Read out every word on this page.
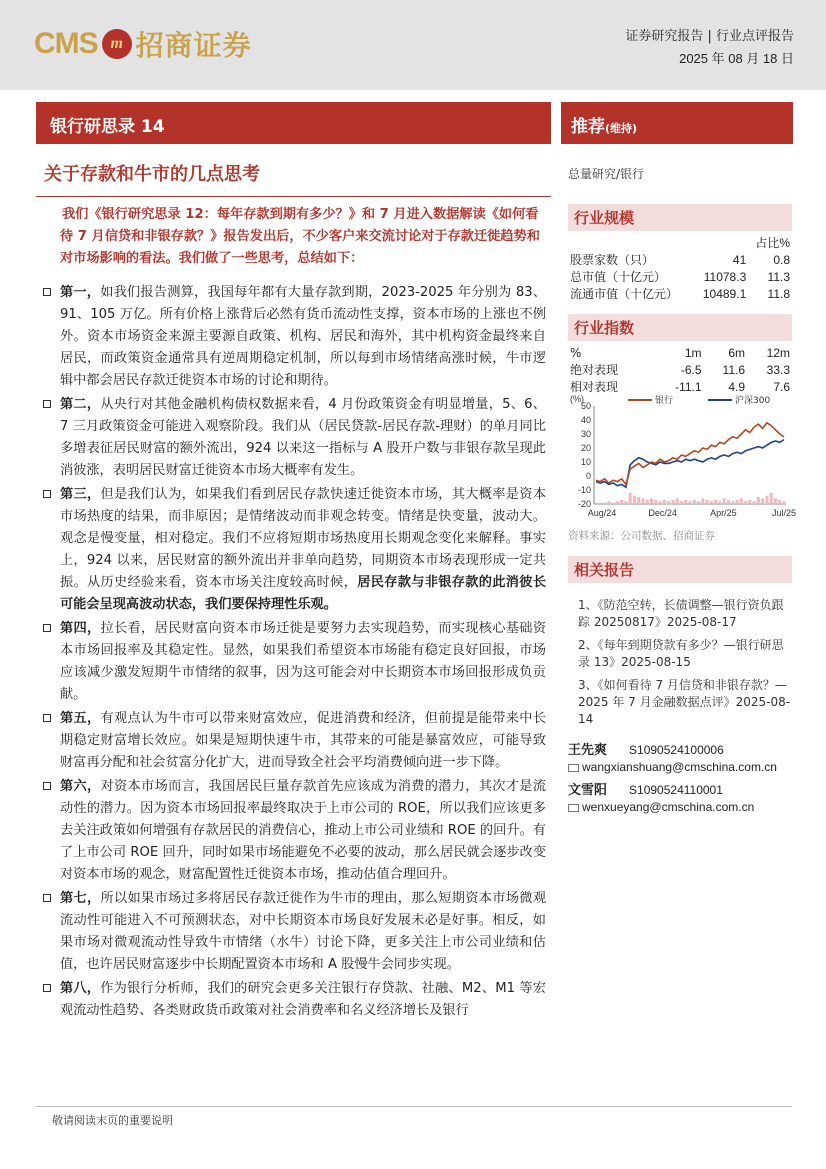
CMS m 招商证券	证券研究报告 | 行业点评报告
2025 年 08 月 18 日
银行研思录 14	推荐(维持)
关于存款和牛市的几点思考
我们《银行研究思录 12：每年存款到期有多少？》和 7 月进入数据解读《如何看待 7 月信贷和非银存款？》报告发出后，不少客户来交流讨论对于存款迁徙趋势和对市场影响的看法。我们做了一些思考，总结如下：
第一，如我们报告测算，我国每年都有大量存款到期，2023-2025 年分别为 83、91、105 万亿。所有价格上涨背后必然有货币流动性支撑，资本市场的上涨也不例外。资本市场资金来源主要源自政策、机构、居民和海外，其中机构资金最终来自居民，而政策资金通常具有逆周期稳定机制，所以每到市场情绪高涨时候，牛市逻辑中都会居民存款迁徙资本市场的讨论和期待。
第二，从央行对其他金融机构债权数据来看，4 月份政策资金有明显增量，5、6、7 三月政策资金可能进入观察阶段。我们从（居民贷款-居民存款-理财）的单月同比多增表征居民财富的额外流出，924 以来这一指标与 A 股开户数与非银存款呈现此消彼涨，表明居民财富迁徙资本市场大概率有发生。
第三，但是我们认为，如果我们看到居民存款快速迁徙资本市场，其大概率是资本市场热度的结果，而非原因；是情绪波动而非观念转变。情绪是快变量，波动大。观念是慢变量，相对稳定。我们不应将短期市场热度用长期观念变化来解释。事实上，924 以来，居民财富的额外流出并非单向趋势，同期资本市场表现形成一定共振。从历史经验来看，资本市场关注度较高时候，居民存款与非银存款的此消彼长可能会呈现高波动状态，我们要保持理性乐观。
第四，拉长看，居民财富向资本市场迁徙是要努力去实现趋势，而实现核心基础资本市场回报率及其稳定性。显然，如果我们希望资本市场能有稳定良好回报，市场应该减少激发短期牛市情绪的叙事，因为这可能会对中长期资本市场回报形成负贡献。
第五，有观点认为牛市可以带来财富效应，促进消费和经济，但前提是能带来中长期稳定财富增长效应。如果是短期快速牛市，其带来的可能是暴富效应，可能导致财富再分配和社会贫富分化扩大，进而导致全社会平均消费倾向进一步下降。
第六，对资本市场而言，我国居民巨量存款首先应该成为消费的潜力，其次才是流动性的潜力。因为资本市场回报率最终取决于上市公司的 ROE，所以我们应该更多去关注政策如何增强有存款居民的消费信心，推动上市公司业绩和 ROE 的回升。有了上市公司 ROE 回升，同时如果市场能避免不必要的波动，那么居民就会逐步改变对资本市场的观念，财富配置性迁徙资本市场，推动估值合理回升。
第七，所以如果市场过多将居民存款迁徙作为牛市的理由，那么短期资本市场微观流动性可能进入不可预测状态，对中长期资本市场良好发展未必是好事。相反，如果市场对微观流动性导致牛市情绪（水牛）讨论下降，更多关注上市公司业绩和估值，也许居民财富逐步中长期配置资本市场和 A 股慢牛会同步实现。
第八，作为银行分析师，我们的研究会更多关注银行存贷款、社融、M2、M1 等宏观流动性趋势、各类财政货币政策对社会消费率和名义经济增长及银行
总量研究/银行
行业规模
		占比%
股票家数（只）	41	0.8
总市值（十亿元）	11078.3	11.3
流通市值（十亿元）	10489.1	11.8
行业指数
%	1m	6m	12m
绝对表现	-6.5	11.6	33.3
相对表现	-11.1	4.9	7.6
(%)
50
40
30
20
10
0
-10
-20
银行	沪深300
Aug/24	Dec/24	Apr/25	Jul/25
资料来源：公司数据、招商证券
相关报告
1、《防范空转，长债调整—银行资负跟踪 20250817》2025-08-17
2、《每年到期贷款有多少？—银行研思录 13》2025-08-15
3、《如何看待 7 月信贷和非银存款？—2025 年 7 月金融数据点评》2025-08-14
王先爽 S1090524100006
wangxianshuang@cmschina.com.cn
文雪阳 S1090524110001
wenxueyang@cmschina.com.cn
敬请阅读末页的重要说明
